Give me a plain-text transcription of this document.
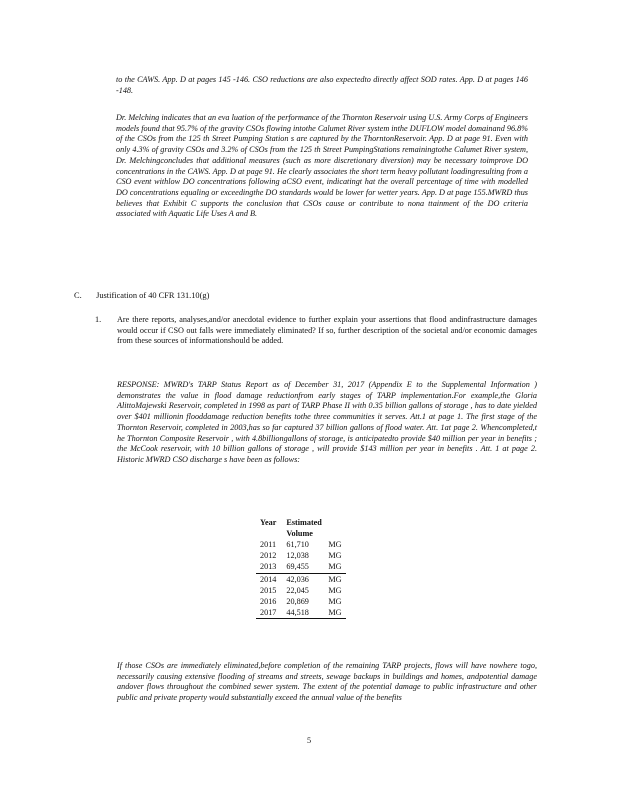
to the CAWS. App. D at pages 145 -146. CSO reductions are also expectedto directly affect SOD rates. App. D at pages 146 -148.

Dr. Melching indicates that an eva luation of the performance of the Thornton Reservoir using U.S. Army Corps of Engineers models found that 95.7% of the gravity CSOs flowing intothe Calumet River system inthe DUFLOW model domainand 96.8% of the CSOs from the 125 th Street Pumping Station s are captured by the ThorntonReservoir. App. D at page 91. Even with only 4.3% of gravity CSOs and 3.2% of CSOs from the 125 th Street PumpingStations remainingtothe Calumet River system, Dr. Melchingconcludes that additional measures (such as more discretionary diversion) may be necessary toimprove DO concentrations in the CAWS. App. D at page 91. He clearly associates the short term heavy pollutant loadingresulting from a CSO event withlow DO concentrations following aCSO event, indicatingt hat the overall percentage of time with modelled DO concentrations equaling or exceedingthe DO standards would be lower for wetter years. App. D at page 155.MWRD thus believes that Exhibit C supports the conclusion that CSOs cause or contribute to nona ttainment of the DO criteria associated with Aquatic Life Uses A and B.

C. Justification of 40 CFR 131.10(g)
1. Are there reports, analyses,and/or anecdotal evidence to further explain your assertions that flood andinfrastructure damages would occur if CSO out falls were immediately eliminated? If so, further description of the societal and/or economic damages from these sources of informationshould be added.

RESPONSE: MWRD's TARP Status Report as of December 31, 2017 (Appendix E to the Supplemental Information ) demonstrates the value in flood damage reductionfrom early stages of TARP implementation.For example,the Gloria AlittoMajewski Reservoir, completed in 1998 as part of TARP Phase II with 0.35 billion gallons of storage , has to date yielded over $401 millionin flooddamage reduction benefits tothe three communities it serves. Att.1 at page 1. The first stage of the Thornton Reservoir, completed in 2003,has so far captured 37 billion gallons of flood water. Att. 1at page 2. Whencompleted,t he Thornton Composite Reservoir , with 4.8billiongallons of storage, is anticipatedto provide $40 million per year in benefits ; the McCook reservoir, with 10 billion gallons of storage , will provide $143 million per year in benefits . Att. 1 at page 2. Historic MWRD CSO discharge s have been as follows:

Year	Estimated Volume	
2011	61,710	MG
2012	12,038	MG
2013	69,455	MG
2014	42,036	MG
2015	22,045	MG
2016	20,869	MG
2017	44,518	MG

If those CSOs are immediately eliminated,before completion of the remaining TARP projects, flows will have nowhere togo, necessarily causing extensive flooding of streams and streets, sewage backups in buildings and homes, andpotential damage andover flows throughout the combined sewer system. The extent of the potential damage to public infrastructure and other public and private property would substantially exceed the annual value of the benefits

5
